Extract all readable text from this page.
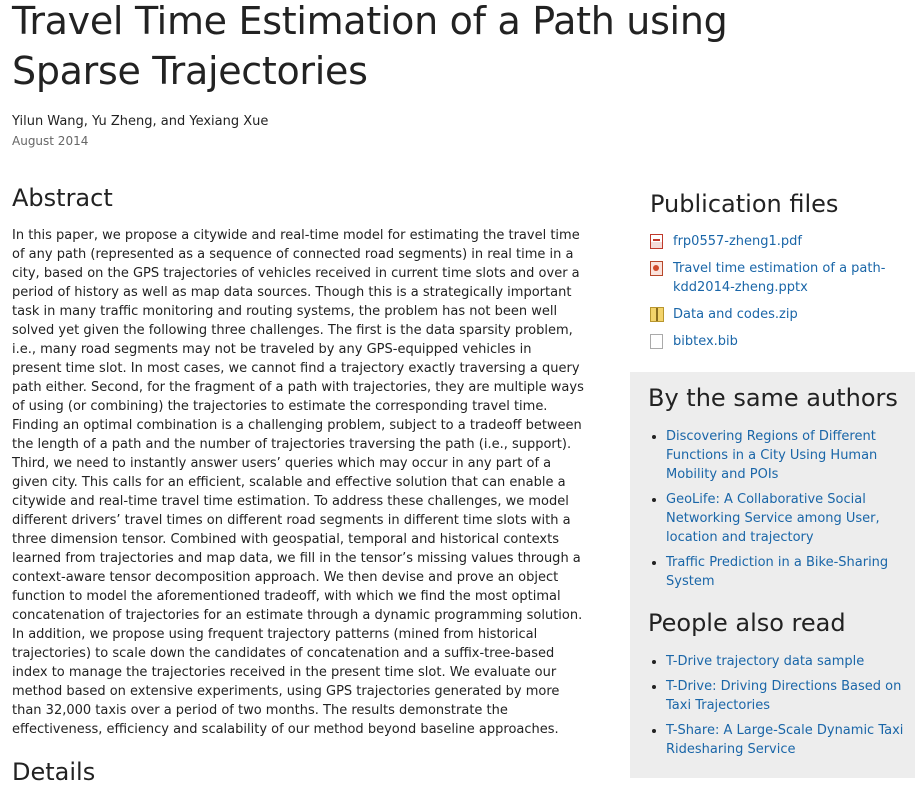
Travel Time Estimation of a Path using Sparse Trajectories
Yilun Wang, Yu Zheng, and Yexiang Xue
August 2014
Abstract

In this paper, we propose a citywide and real-time model for estimating the travel time of any path (represented as a sequence of connected road segments) in real time in a city, based on the GPS trajectories of vehicles received in current time slots and over a period of history as well as map data sources. Though this is a strategically important task in many traffic monitoring and routing systems, the problem has not been well solved yet given the following three challenges. The first is the data sparsity problem, i.e., many road segments may not be traveled by any GPS-equipped vehicles in present time slot. In most cases, we cannot find a trajectory exactly traversing a query path either. Second, for the fragment of a path with trajectories, they are multiple ways of using (or combining) the trajectories to estimate the corresponding travel time. Finding an optimal combination is a challenging problem, subject to a tradeoff between the length of a path and the number of trajectories traversing the path (i.e., support). Third, we need to instantly answer users’ queries which may occur in any part of a given city. This calls for an efficient, scalable and effective solution that can enable a citywide and real-time travel time estimation. To address these challenges, we model different drivers’ travel times on different road segments in different time slots with a three dimension tensor. Combined with geospatial, temporal and historical contexts learned from trajectories and map data, we fill in the tensor’s missing values through a context-aware tensor decomposition approach. We then devise and prove an object function to model the aforementioned tradeoff, with which we find the most optimal concatenation of trajectories for an estimate through a dynamic programming solution. In addition, we propose using frequent trajectory patterns (mined from historical trajectories) to scale down the candidates of concatenation and a suffix-tree-based index to manage the trajectories received in the present time slot. We evaluate our method based on extensive experiments, using GPS trajectories generated by more than 32,000 taxis over a period of two months. The results demonstrate the effectiveness, efficiency and scalability of our method beyond baseline approaches.

Details
Publication files
frp0557-zheng1.pdf
Travel time estimation of a path-kdd2014-zheng.pptx
Data and codes.zip
bibtex.bib
By the same authors
• Discovering Regions of Different Functions in a City Using Human Mobility and POIs
• GeoLife: A Collaborative Social Networking Service among User, location and trajectory
• Traffic Prediction in a Bike-Sharing System
People also read
• T-Drive trajectory data sample
• T-Drive: Driving Directions Based on Taxi Trajectories
• T-Share: A Large-Scale Dynamic Taxi Ridesharing Service
